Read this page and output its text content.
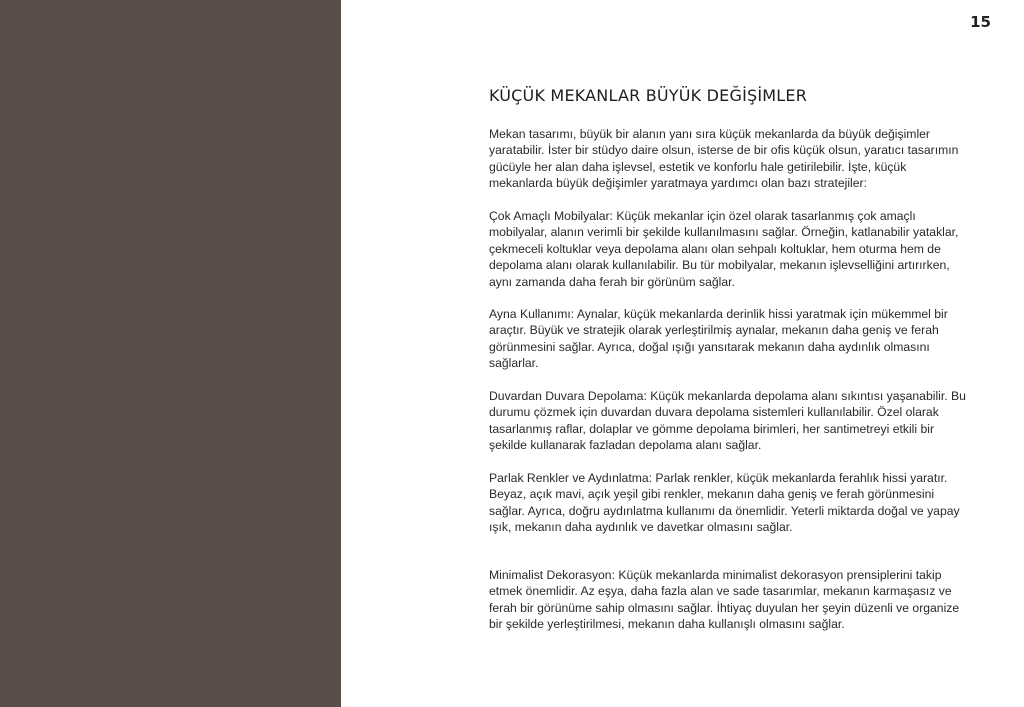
15
KÜÇÜK MEKANLAR BÜYÜK DEĞİŞİMLER

Mekan tasarımı, büyük bir alanın yanı sıra küçük mekanlarda da büyük değişimler yaratabilir. İster bir stüdyo daire olsun, isterse de bir ofis küçük olsun, yaratıcı tasarımın gücüyle her alan daha işlevsel, estetik ve konforlu hale getirilebilir. İşte, küçük mekanlarda büyük değişimler yaratmaya yardımcı olan bazı stratejiler:

Çok Amaçlı Mobilyalar: Küçük mekanlar için özel olarak tasarlanmış çok amaçlı mobilyalar, alanın verimli bir şekilde kullanılmasını sağlar. Örneğin, katlanabilir yataklar, çekmeceli koltuklar veya depolama alanı olan sehpalı koltuklar, hem oturma hem de depolama alanı olarak kullanılabilir. Bu tür mobilyalar, mekanın işlevselliğini artırırken, aynı zamanda daha ferah bir görünüm sağlar.

Ayna Kullanımı: Aynalar, küçük mekanlarda derinlik hissi yaratmak için mükemmel bir araçtır. Büyük ve stratejik olarak yerleştirilmiş aynalar, mekanın daha geniş ve ferah görünmesini sağlar. Ayrıca, doğal ışığı yansıtarak mekanın daha aydınlık olmasını sağlarlar.

Duvardan Duvara Depolama: Küçük mekanlarda depolama alanı sıkıntısı yaşanabilir. Bu durumu çözmek için duvardan duvara depolama sistemleri kullanılabilir. Özel olarak tasarlanmış raflar, dolaplar ve gömme depolama birimleri, her santimetreyi etkili bir şekilde kullanarak fazladan depolama alanı sağlar.

Parlak Renkler ve Aydınlatma: Parlak renkler, küçük mekanlarda ferahlık hissi yaratır. Beyaz, açık mavi, açık yeşil gibi renkler, mekanın daha geniş ve ferah görünmesini sağlar. Ayrıca, doğru aydınlatma kullanımı da önemlidir. Yeterli miktarda doğal ve yapay ışık, mekanın daha aydınlık ve davetkar olmasını sağlar.

Minimalist Dekorasyon: Küçük mekanlarda minimalist dekorasyon prensiplerini takip etmek önemlidir. Az eşya, daha fazla alan ve sade tasarımlar, mekanın karmaşasız ve ferah bir görünüme sahip olmasını sağlar. İhtiyaç duyulan her şeyin düzenli ve organize bir şekilde yerleştirilmesi, mekanın daha kullanışlı olmasını sağlar.
